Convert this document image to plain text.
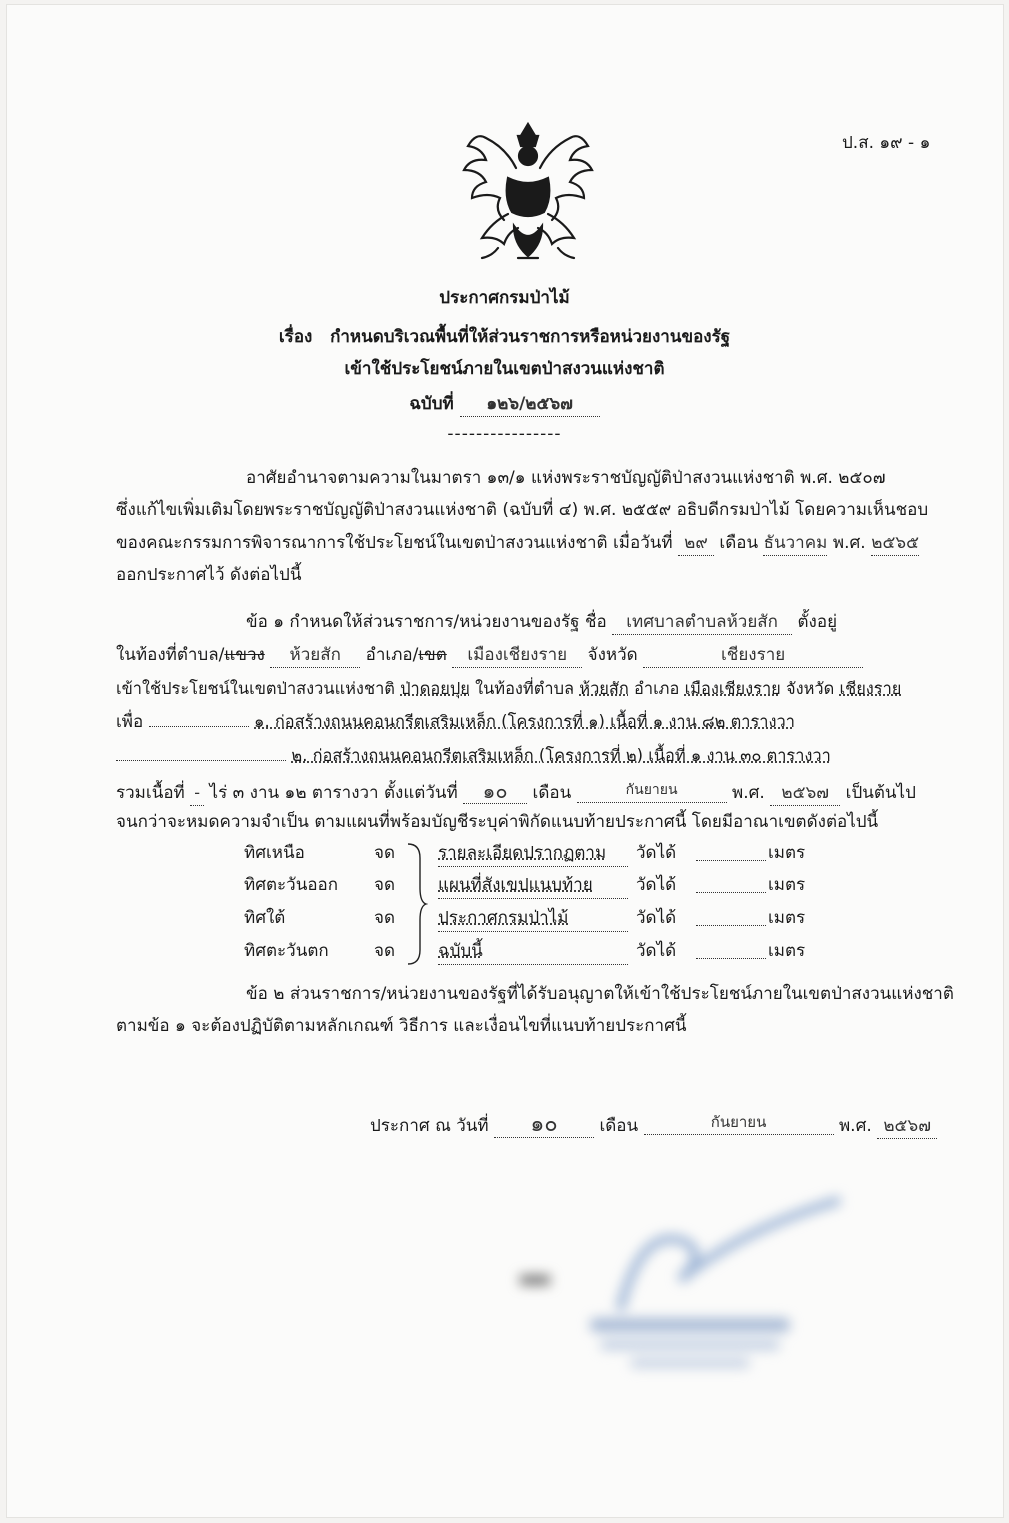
ป.ส. ๑๙ - ๑
ประกาศกรมป่าไม้
เรื่อง กำหนดบริเวณพื้นที่ให้ส่วนราชการหรือหน่วยงานของรัฐ
เข้าใช้ประโยชน์ภายในเขตป่าสงวนแห่งชาติ
ฉบับที่ ๑๒๖/๒๕๖๗
----------------
อาศัยอำนาจตามความในมาตรา ๑๓/๑ แห่งพระราชบัญญัติป่าสงวนแห่งชาติ พ.ศ. ๒๕๐๗
ซึ่งแก้ไขเพิ่มเติมโดยพระราชบัญญัติป่าสงวนแห่งชาติ (ฉบับที่ ๔) พ.ศ. ๒๕๕๙ อธิบดีกรมป่าไม้ โดยความเห็นชอบ
ของคณะกรรมการพิจารณาการใช้ประโยชน์ในเขตป่าสงวนแห่งชาติ เมื่อวันที่ ๒๙ เดือน ธันวาคม พ.ศ. ๒๕๖๕
ออกประกาศไว้ ดังต่อไปนี้
ข้อ ๑ กำหนดให้ส่วนราชการ/หน่วยงานของรัฐ ชื่อ เทศบาลตำบลห้วยสัก ตั้งอยู่
ในท้องที่ตำบล/แขวง ห้วยสัก อำเภอ/เขต เมืองเชียงราย จังหวัด	เชียงราย
เข้าใช้ประโยชน์ในเขตป่าสงวนแห่งชาติ ป่าดอยปุย ในท้องที่ตำบล ห้วยสัก อำเภอ เมืองเชียงราย จังหวัด เชียงราย
เพื่อ	๑. ก่อสร้างถนนคอนกรีตเสริมเหล็ก (โครงการที่ ๑) เนื้อที่ ๑ งาน ๘๒ ตารางวา
๒. ก่อสร้างถนนคอนกรีตเสริมเหล็ก (โครงการที่ ๒) เนื้อที่ ๑ งาน ๓๐ ตารางวา
รวมเนื้อที่ - ไร่ ๓ งาน ๑๒ ตารางวา ตั้งแต่วันที่ ๑๐ เดือน	กันยายน	พ.ศ. ๒๕๖๗ เป็นต้นไป
จนกว่าจะหมดความจำเป็น ตามแผนที่พร้อมบัญชีระบุค่าพิกัดแนบท้ายประกาศนี้ โดยมีอาณาเขตดังต่อไปนี้
ทิศเหนือ	จด	รายละเอียดปรากฏตาม	วัดได้	เมตร
ทิศตะวันออก จด	แผนที่สังเขปแนบท้าย	วัดได้	เมตร
ทิศใต้	จด	ประกาศกรมป่าไม้	วัดได้	เมตร
ทิศตะวันตก	จด	ฉบับนี้	วัดได้	เมตร
ข้อ ๒ ส่วนราชการ/หน่วยงานของรัฐที่ได้รับอนุญาตให้เข้าใช้ประโยชน์ภายในเขตป่าสงวนแห่งชาติ
ตามข้อ ๑ จะต้องปฏิบัติตามหลักเกณฑ์ วิธีการ และเงื่อนไขที่แนบท้ายประกาศนี้
ประกาศ ณ วันที่ ๑๐ เดือน	กันยายน	พ.ศ. ๒๕๖๗
